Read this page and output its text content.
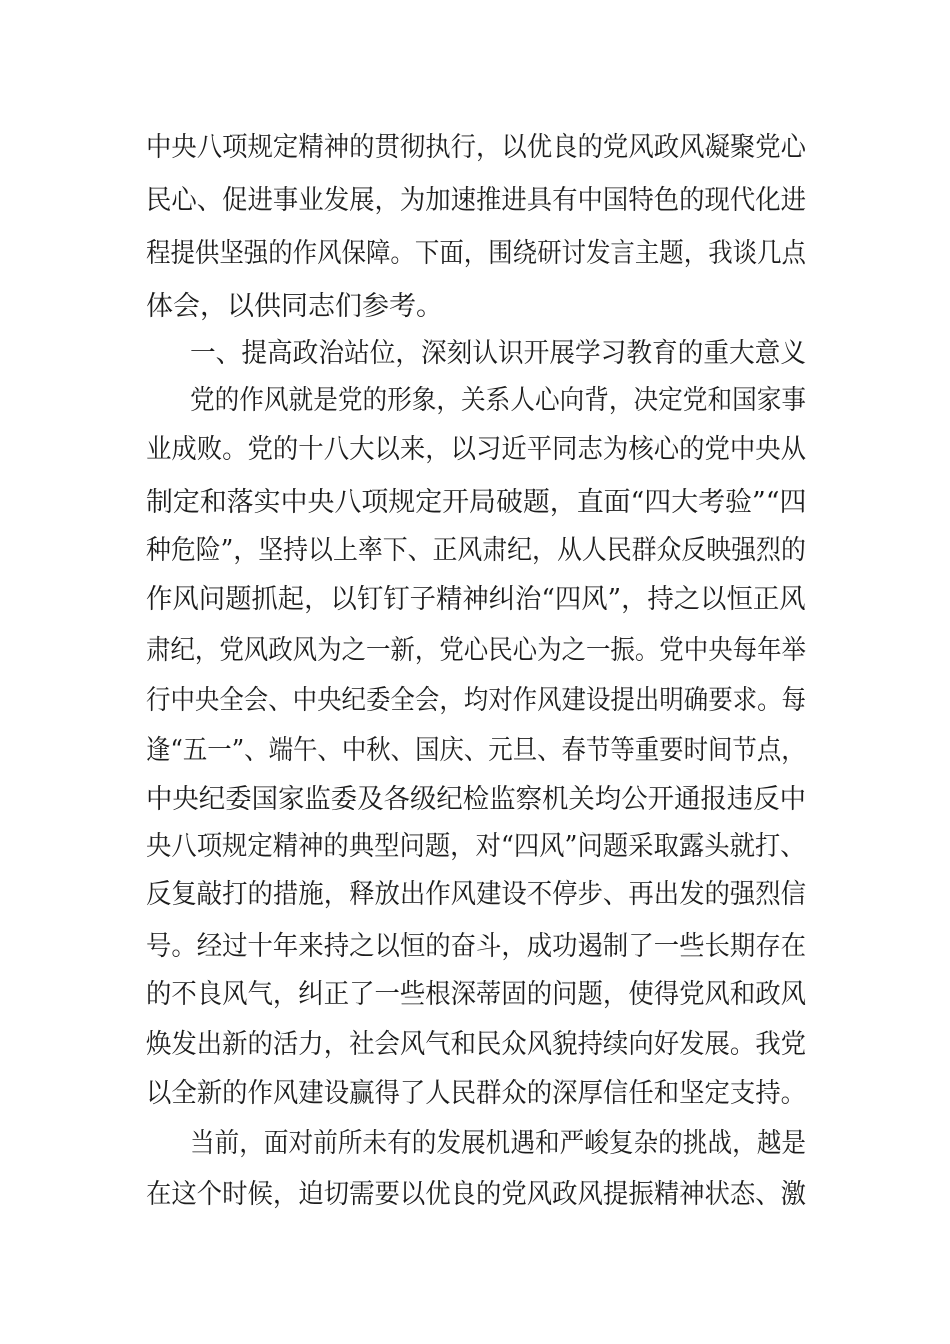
中央八项规定精神的贯彻执行，以优良的党风政风凝聚党心
民心、促进事业发展，为加速推进具有中国特色的现代化进
程提供坚强的作风保障。下面，围绕研讨发言主题，我谈几点
体会，以供同志们参考。
一、提高政治站位，深刻认识开展学习教育的重大意义
党的作风就是党的形象，关系人心向背，决定党和国家事
业成败。党的十八大以来，以习近平同志为核心的党中央从
制定和落实中央八项规定开局破题，直面“四大考验”“四
种危险”，坚持以上率下、正风肃纪，从人民群众反映强烈的
作风问题抓起，以钉钉子精神纠治“四风”，持之以恒正风
肃纪，党风政风为之一新，党心民心为之一振。党中央每年举
行中央全会、中央纪委全会，均对作风建设提出明确要求。每
逢“五一”、端午、中秋、国庆、元旦、春节等重要时间节点，
中央纪委国家监委及各级纪检监察机关均公开通报违反中
央八项规定精神的典型问题，对“四风”问题采取露头就打、
反复敲打的措施，释放出作风建设不停步、再出发的强烈信
号。经过十年来持之以恒的奋斗，成功遏制了一些长期存在
的不良风气，纠正了一些根深蒂固的问题，使得党风和政风
焕发出新的活力，社会风气和民众风貌持续向好发展。我党
以全新的作风建设赢得了人民群众的深厚信任和坚定支持。
当前，面对前所未有的发展机遇和严峻复杂的挑战，越是
在这个时候，迫切需要以优良的党风政风提振精神状态、激
